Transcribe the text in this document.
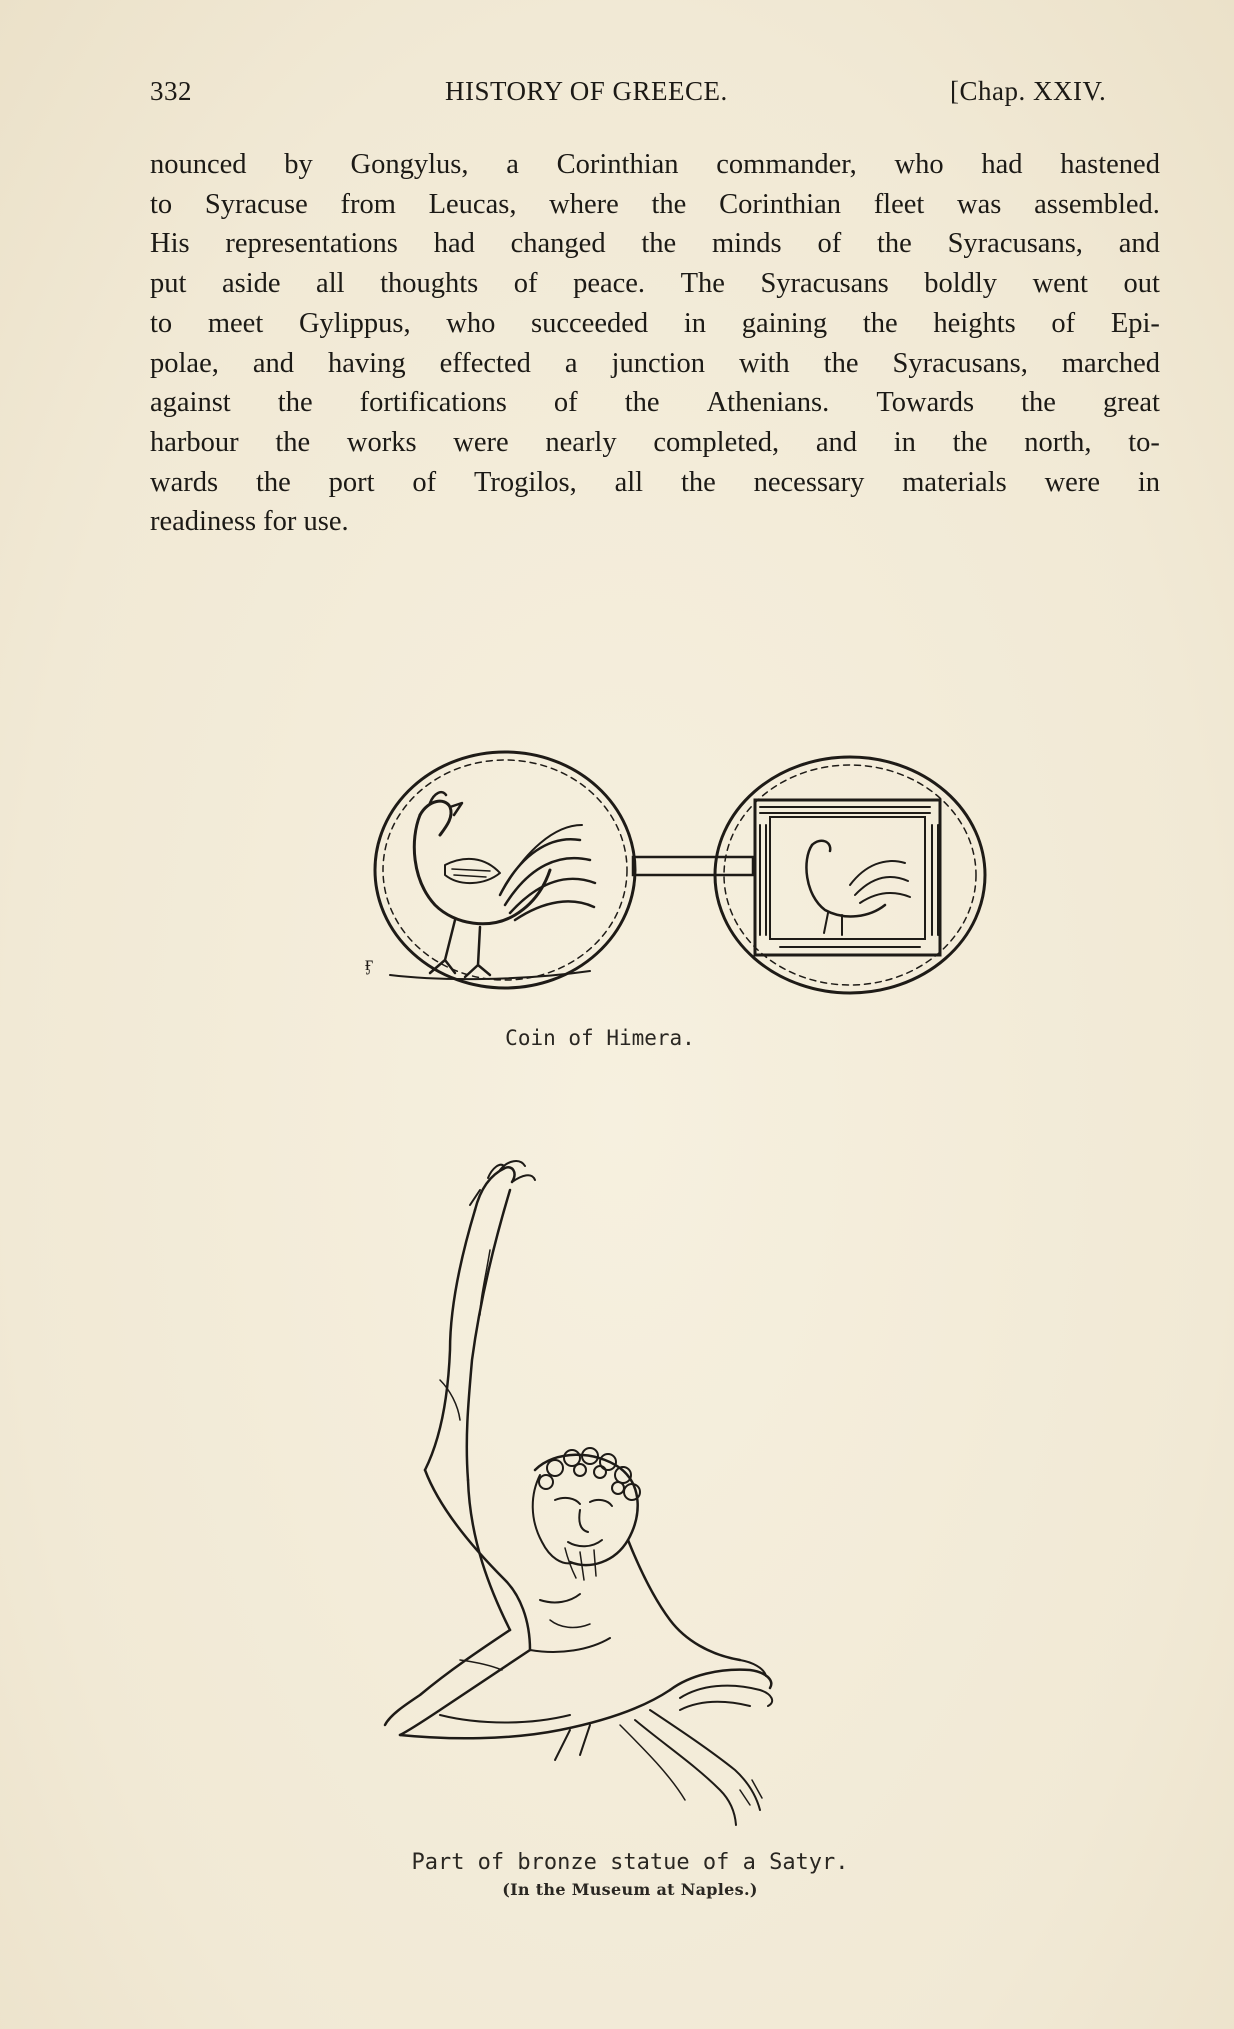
332	HISTORY OF GREECE.	[Chap. XXIV.
nounced by Gongylus, a Corinthian commander, who had hastened
to Syracuse from Leucas, where the Corinthian fleet was assembled.
His representations had changed the minds of the Syracusans, and
put aside all thoughts of peace. The Syracusans boldly went out
to meet Gylippus, who succeeded in gaining the heights of Epi-
polae, and having effected a junction with the Syracusans, marched
against the fortifications of the Athenians. Towards the great
harbour the works were nearly completed, and in the north, to-
wards the port of Trogilos, all the necessary materials were in
readiness for use.
ӻ
Coin of Himera.
Part of bronze statue of a Satyr.
(In the Museum at Naples.)
